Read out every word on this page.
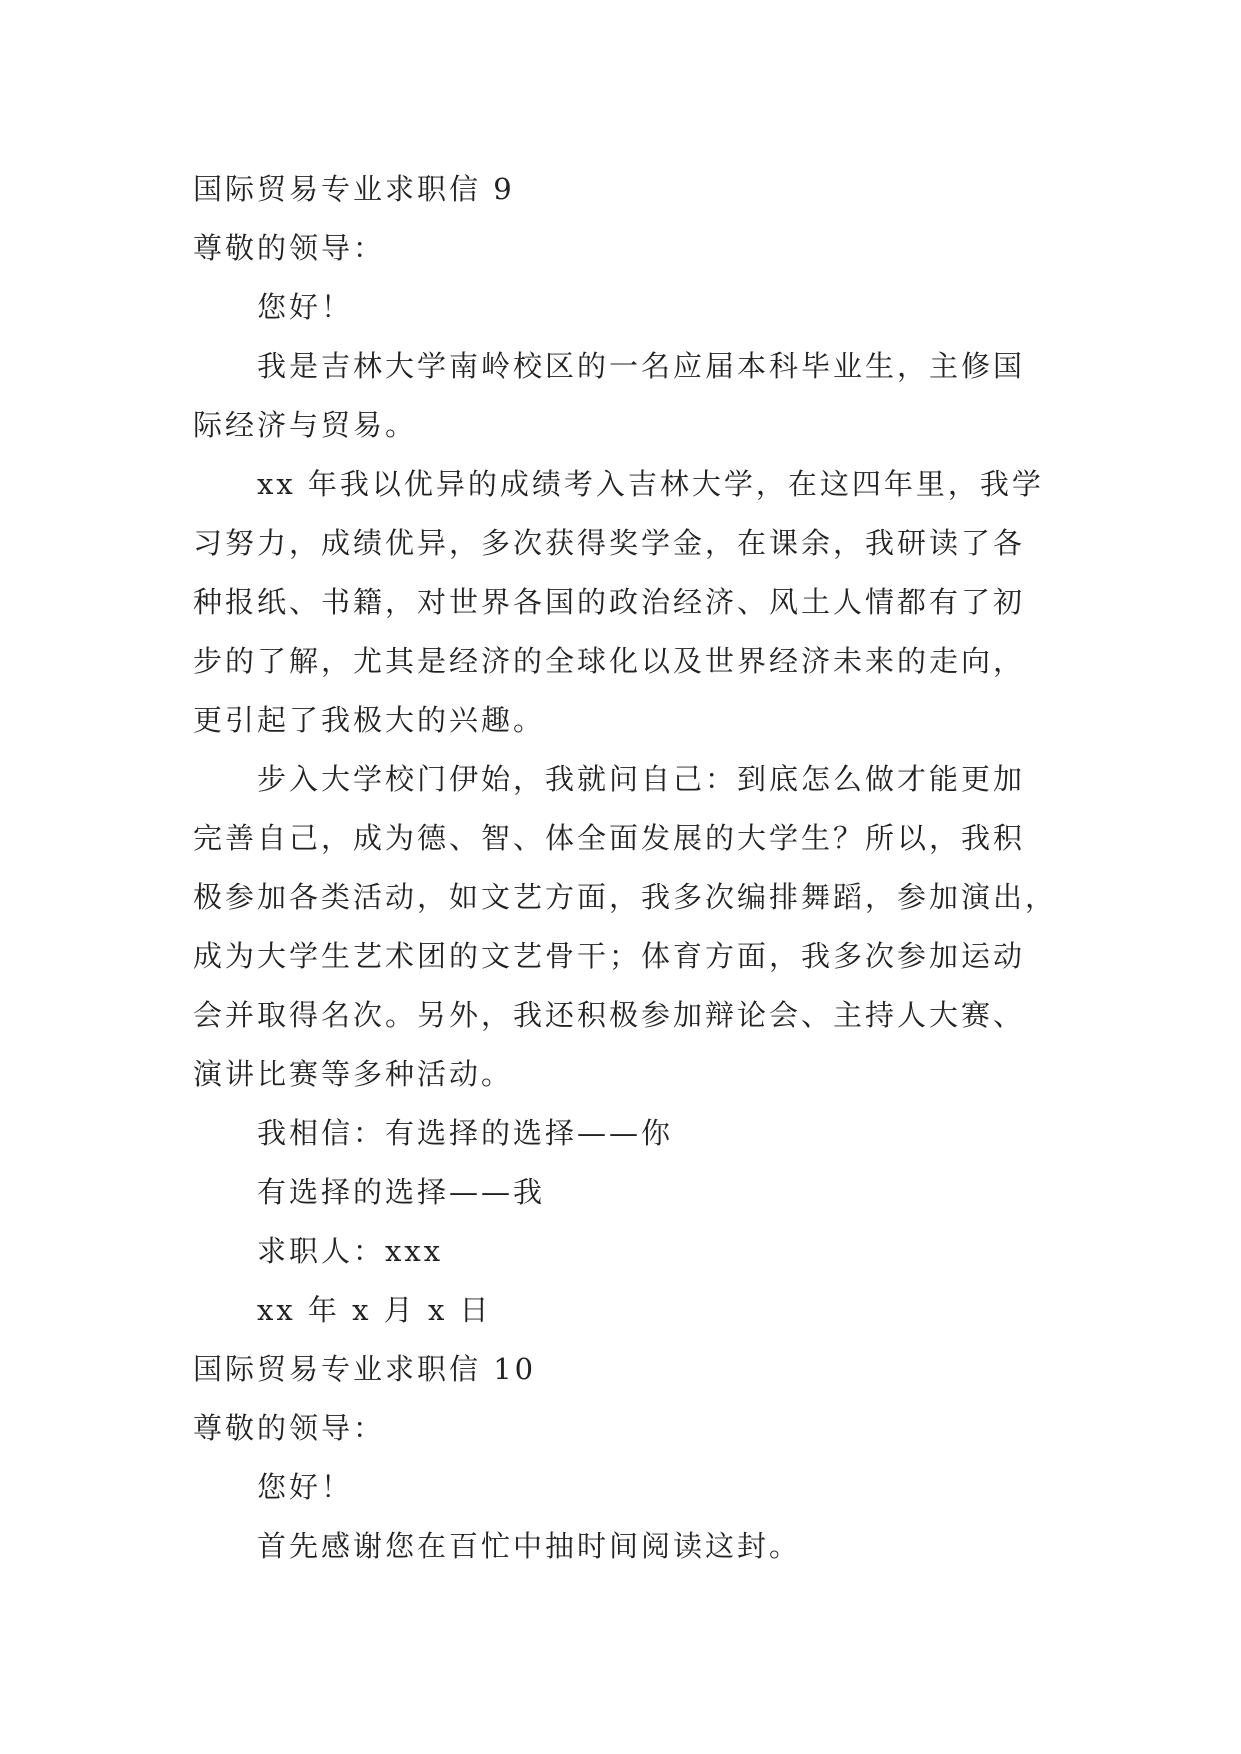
国际贸易专业求职信 9
尊敬的领导：
您好！
我是吉林大学南岭校区的一名应届本科毕业生，主修国
际经济与贸易。
xx 年我以优异的成绩考入吉林大学，在这四年里，我学
习努力，成绩优异，多次获得奖学金，在课余，我研读了各
种报纸、书籍，对世界各国的政治经济、风土人情都有了初
步的了解，尤其是经济的全球化以及世界经济未来的走向，
更引起了我极大的兴趣。
步入大学校门伊始，我就问自己：到底怎么做才能更加
完善自己，成为德、智、体全面发展的大学生？所以，我积
极参加各类活动，如文艺方面，我多次编排舞蹈，参加演出，
成为大学生艺术团的文艺骨干；体育方面，我多次参加运动
会并取得名次。另外，我还积极参加辩论会、主持人大赛、
演讲比赛等多种活动。
我相信：有选择的选择——你
有选择的选择——我
求职人：xxx
xx 年 x 月 x 日
国际贸易专业求职信 10
尊敬的领导：
您好！
首先感谢您在百忙中抽时间阅读这封。
